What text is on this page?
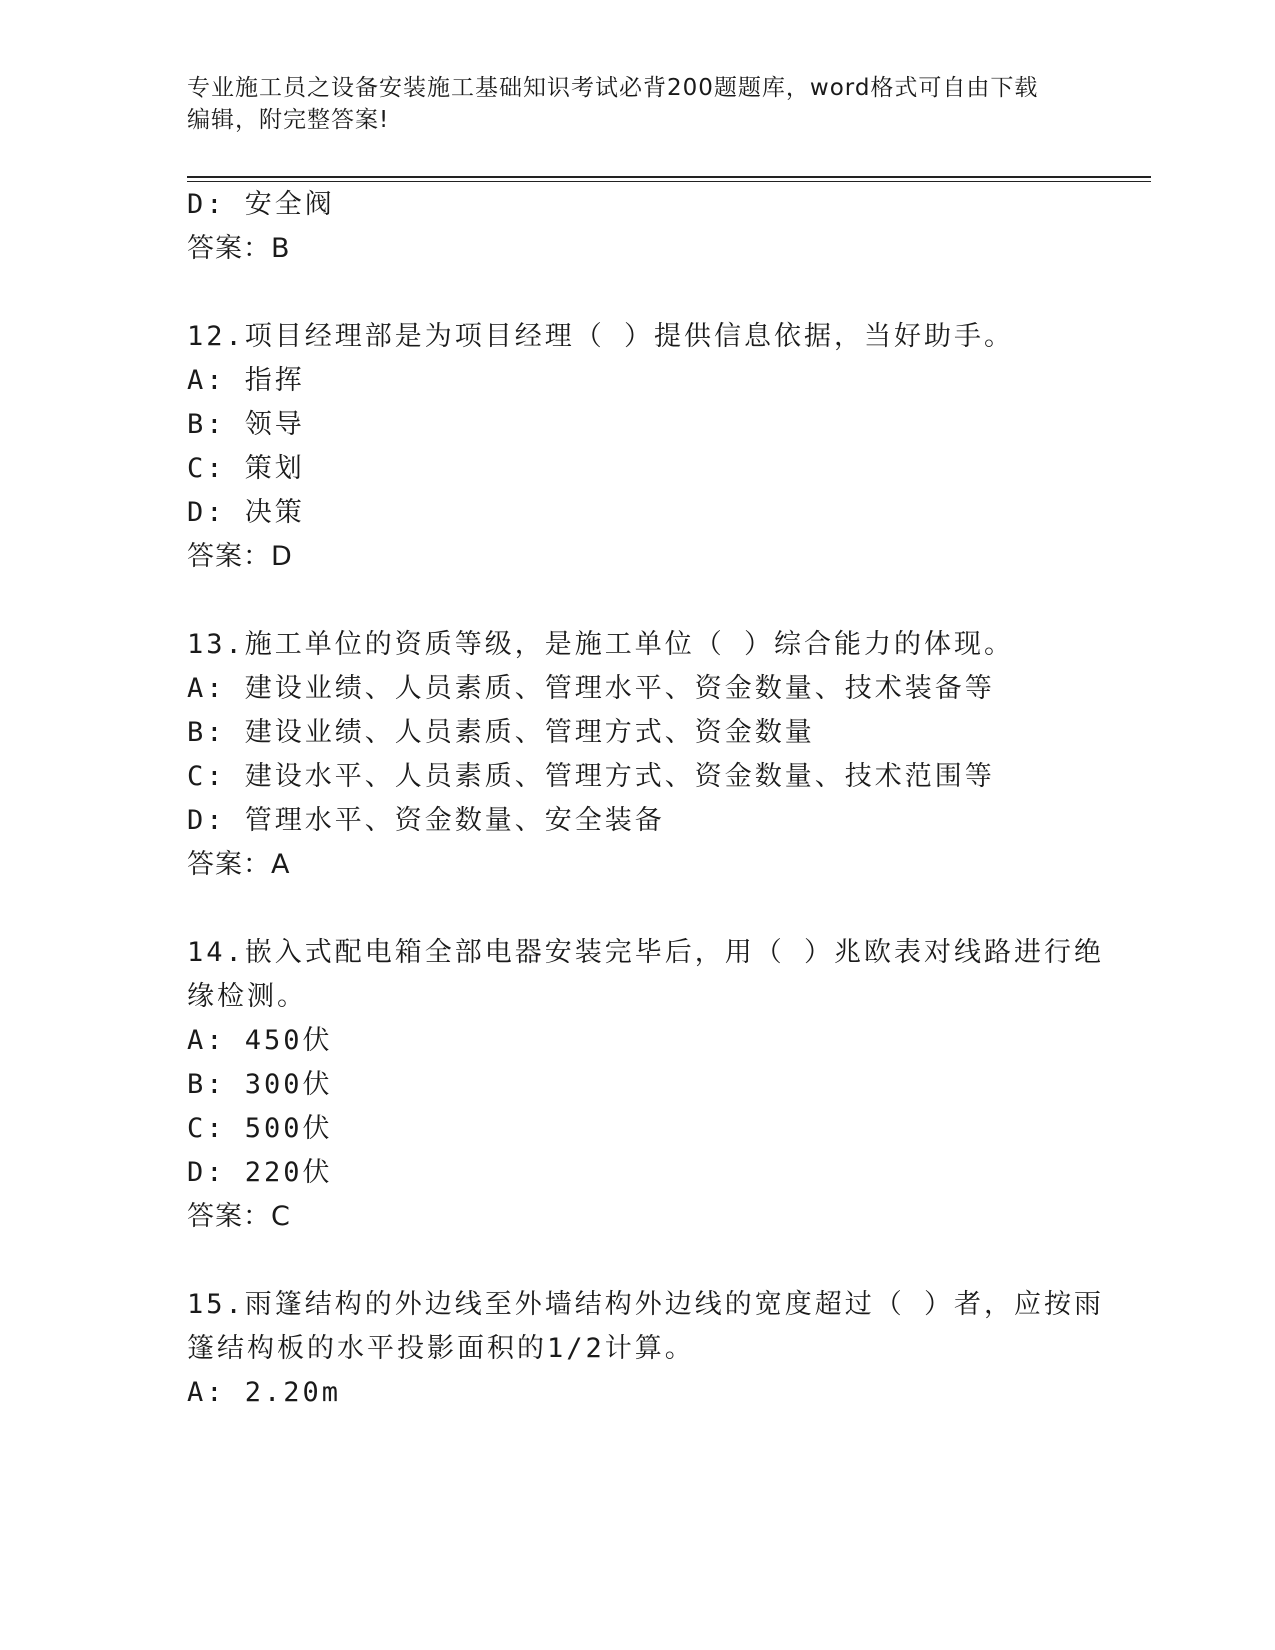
专业施工员之设备安装施工基础知识考试必背200题题库，word格式可自由下载
编辑，附完整答案!
D: 安全阀
答案：B
12.项目经理部是为项目经理（ ）提供信息依据，当好助手。
A: 指挥
B: 领导
C: 策划
D: 决策
答案：D
13.施工单位的资质等级，是施工单位（ ）综合能力的体现。
A: 建设业绩、人员素质、管理水平、资金数量、技术装备等
B: 建设业绩、人员素质、管理方式、资金数量
C: 建设水平、人员素质、管理方式、资金数量、技术范围等
D: 管理水平、资金数量、安全装备
答案：A
14.嵌入式配电箱全部电器安装完毕后，用（ ）兆欧表对线路进行绝
缘检测。
A: 450伏
B: 300伏
C: 500伏
D: 220伏
答案：C
15.雨篷结构的外边线至外墙结构外边线的宽度超过（ ）者，应按雨
篷结构板的水平投影面积的1/2计算。
A: 2.20m
